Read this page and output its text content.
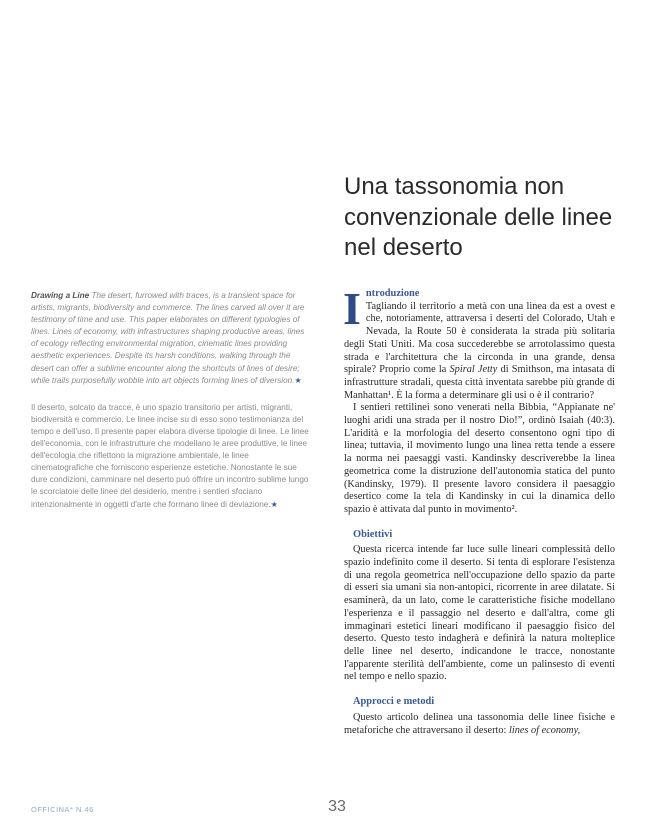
Una tassonomia non convenzionale delle linee nel deserto

Drawing a Line The desert, furrowed with traces, is a transient space for artists, migrants, biodiversity and commerce. The lines carved all over it are testimony of time and use. This paper elaborates on different typologies of lines. Lines of economy, with infrastructures shaping productive areas, lines of ecology reflecting environmental migration, cinematic lines providing aesthetic experiences. Despite its harsh conditions, walking through the desert can offer a sublime encounter along the shortcuts of lines of desire; while trails purposefully wobble into art objects forming lines of diversion.★

Il deserto, solcato da tracce, è uno spazio transitorio per artisti, migranti, biodiversità e commercio. Le linee incise su di esso sono testimonianza del tempo e dell'uso. Il presente paper elabora diverse tipologie di linee. Le linee dell'economia, con le infrastrutture che modellano le aree produttive, le linee dell'ecologia che riflettono la migrazione ambientale, le linee cinematografiche che forniscono esperienze estetiche. Nonostante le sue dure condizioni, camminare nel deserto può offrire un incontro sublime lungo le scorciatoie delle linee del desiderio, mentre i sentieri sfociano intenzionalmente in oggetti d'arte che formano linee di deviazione.★

I ntroduzione

Tagliando il territorio a metà con una linea da est a ovest e che, notoriamente, attraversa i deserti del Colorado, Utah e Nevada, la Route 50 è considerata la strada più solitaria degli Stati Uniti. Ma cosa succederebbe se arrotolassimo questa strada e l'architettura che la circonda in una grande, densa spirale? Proprio come la Spiral Jetty di Smithson, ma intasata di infrastrutture stradali, questa città inventata sarebbe più grande di Manhattan¹. È la forma a determinare gli usi o è il contrario?

I sentieri rettilinei sono venerati nella Bibbia, “Appianate ne' luoghi aridi una strada per il nostro Dio!”, ordinò Isaiah (40:3). L'aridità e la morfologia del deserto consentono ogni tipo di linea; tuttavia, il movimento lungo una linea retta tende a essere la norma nei paesaggi vasti. Kandinsky descriverebbe la linea geometrica come la distruzione dell'autonomia statica del punto (Kandinsky, 1979). Il presente lavoro considera il paesaggio desertico come la tela di Kandinsky in cui la dinamica dello spazio è attivata dal punto in movimento².

Obiettivi

Questa ricerca intende far luce sulle lineari complessità dello spazio indefinito come il deserto. Si tenta di esplorare l'esistenza di una regola geometrica nell'occupazione dello spazio da parte di esseri sia umani sia non-antopici, ricorrente in aree dilatate. Si esaminerà, da un lato, come le caratteristiche fisiche modellano l'esperienza e il passaggio nel deserto e dall'altra, come gli immaginari estetici lineari modificano il paesaggio fisico del deserto. Questo testo indagherà e definirà la natura molteplice delle linee nel deserto, indicandone le tracce, nonostante l'apparente sterilità dell'ambiente, come un palinsesto di eventi nel tempo e nello spazio.

Approcci e metodi

Questo articolo delinea una tassonomia delle linee fisiche e metaforiche che attraversano il deserto: lines of economy,

OFFICINA* N.46	33
